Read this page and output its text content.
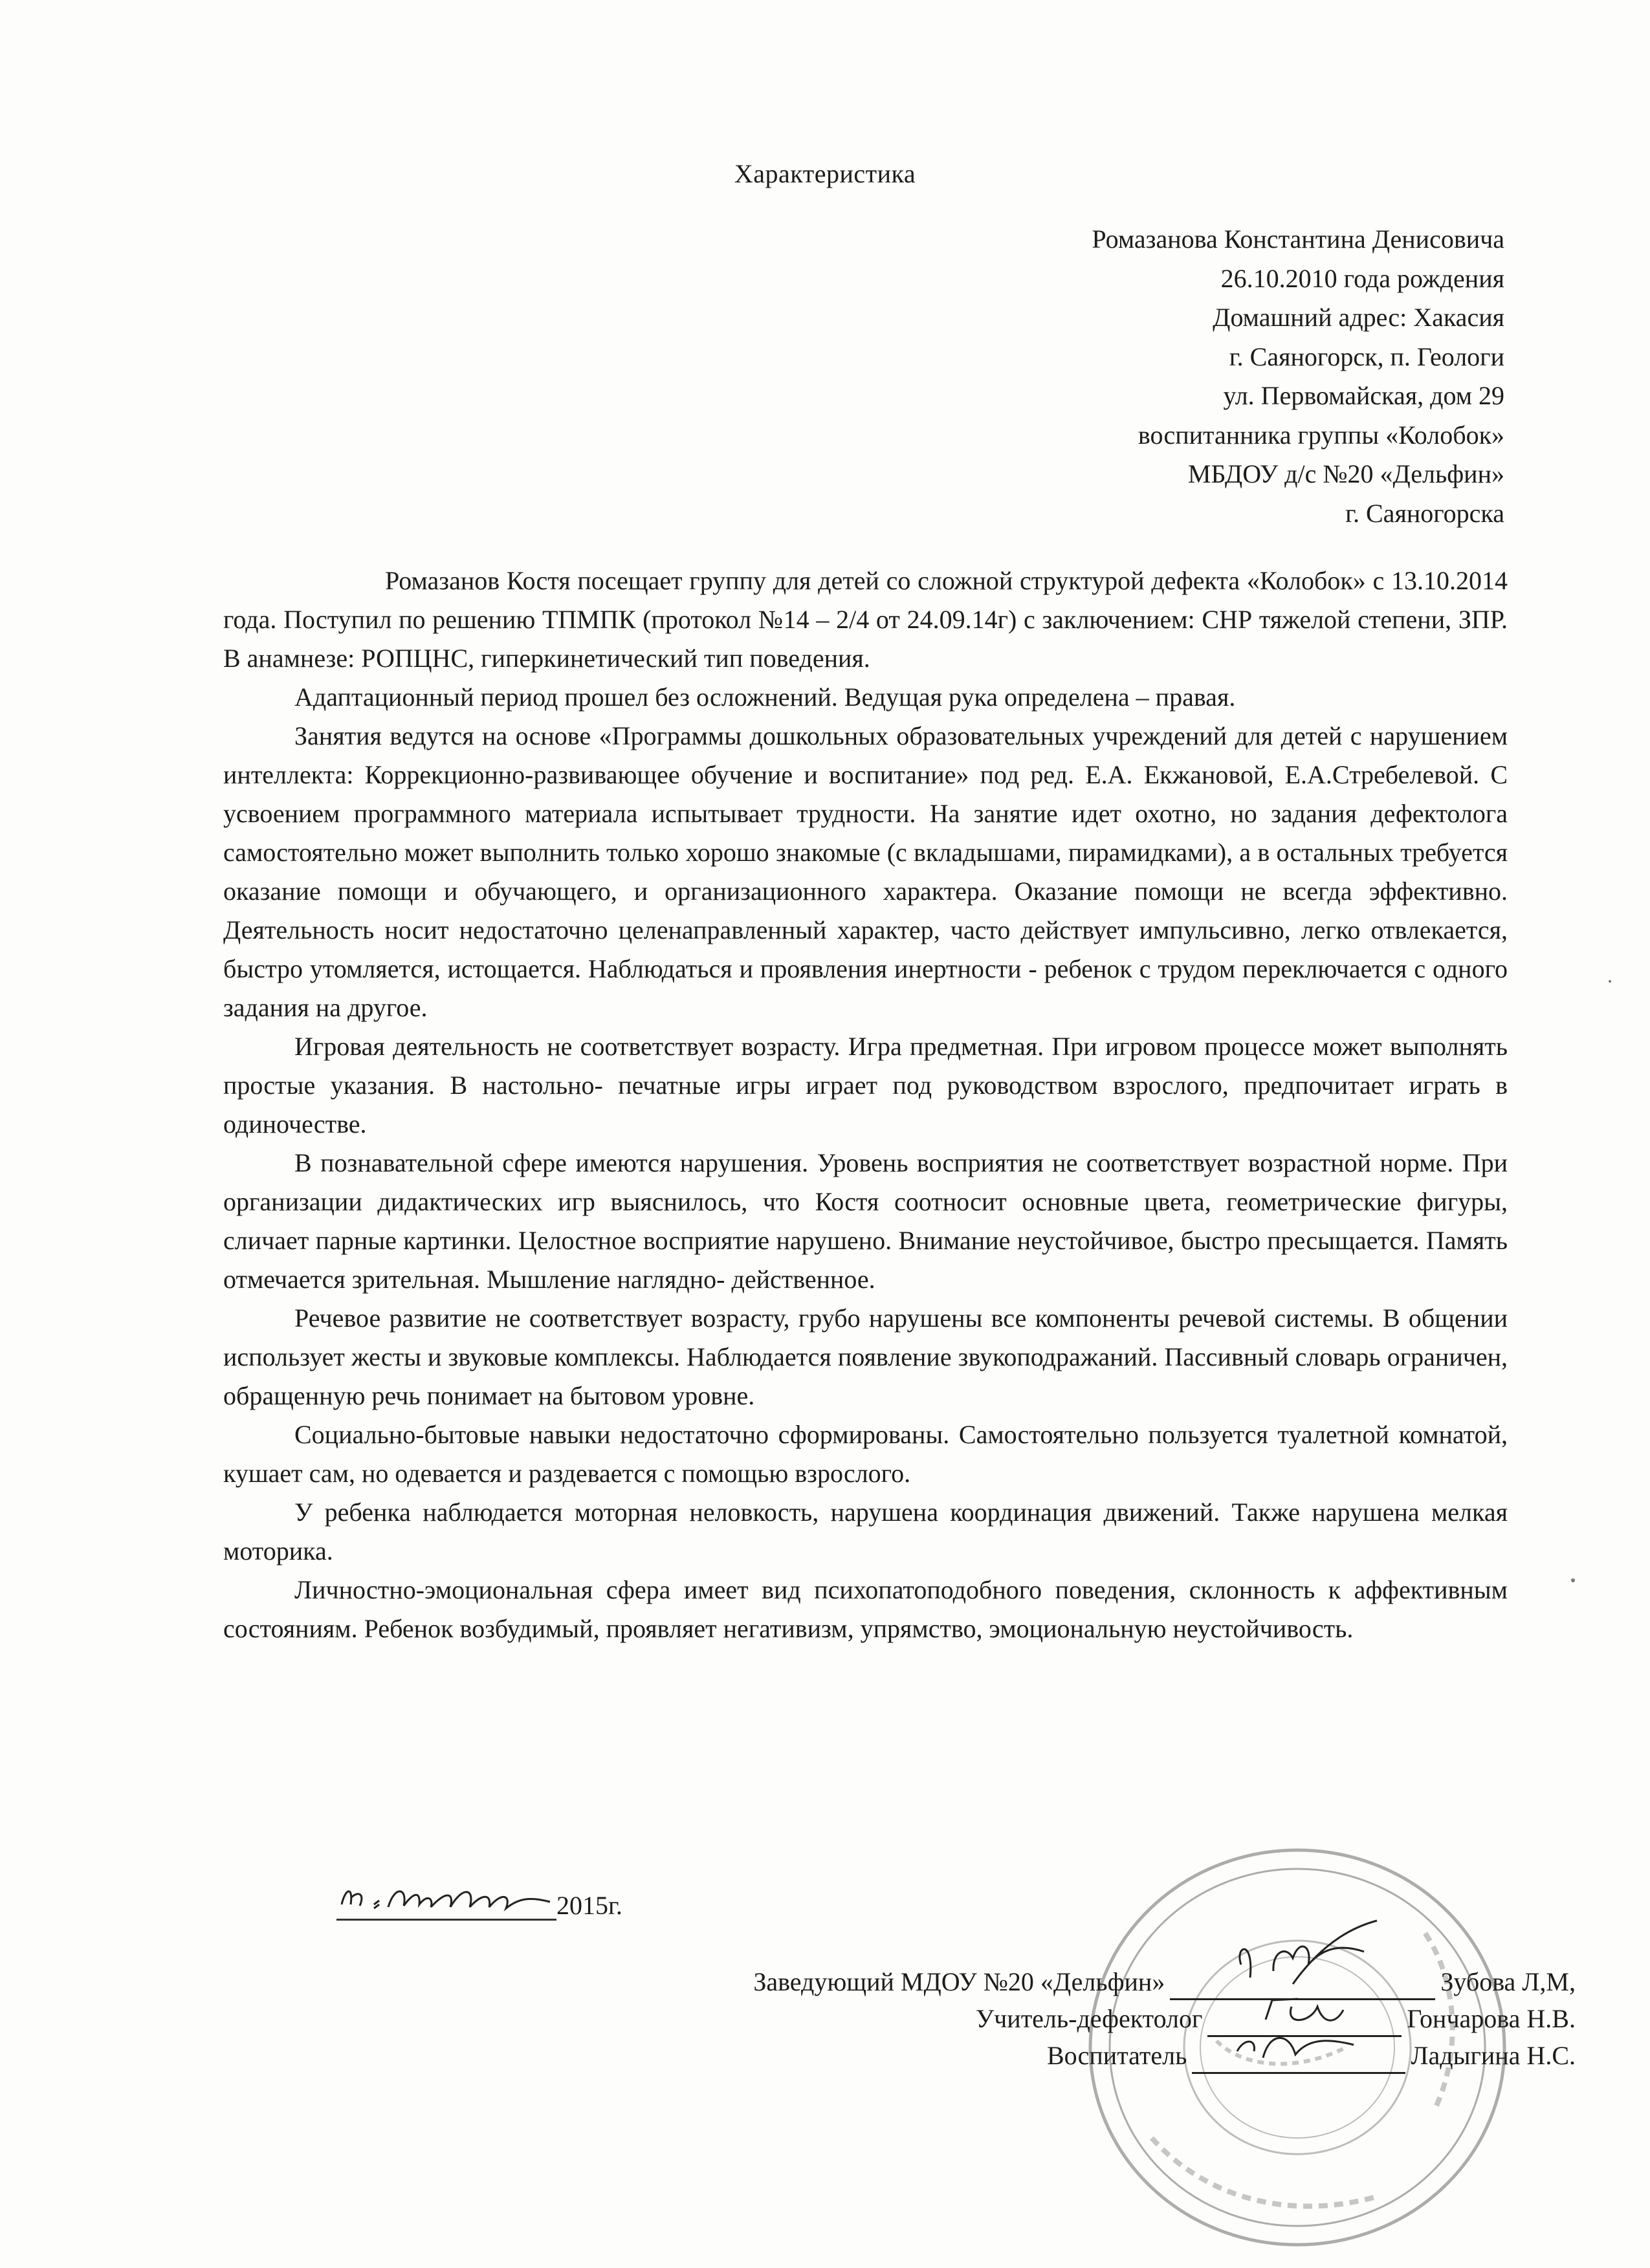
Характеристика
Ромазанова Константина Денисовича
26.10.2010 года рождения
Домашний адрес: Хакасия
г. Саяногорск, п. Геологи
ул. Первомайская, дом 29
воспитанника группы «Колобок»
МБДОУ д/с №20 «Дельфин»
г. Саяногорска

Ромазанов Костя посещает группу для детей со сложной структурой дефекта «Колобок» с 13.10.2014 года. Поступил по решению ТПМПК (протокол №14 – 2/4 от 24.09.14г) с заключением: СНР тяжелой степени, ЗПР. В анамнезе: РОПЦНС, гиперкинетический тип поведения.

Адаптационный период прошел без осложнений. Ведущая рука определена – правая.

Занятия ведутся на основе «Программы дошкольных образовательных учреждений для детей с нарушением интеллекта: Коррекционно-развивающее обучение и воспитание» под ред. Е.А. Екжановой, Е.А.Стребелевой. С усвоением программного материала испытывает трудности. На занятие идет охотно, но задания дефектолога самостоятельно может выполнить только хорошо знакомые (с вкладышами, пирамидками), а в остальных требуется оказание помощи и обучающего, и организационного характера. Оказание помощи не всегда эффективно. Деятельность носит недостаточно целенаправленный характер, часто действует импульсивно, легко отвлекается, быстро утомляется, истощается. Наблюдаться и проявления инертности - ребенок с трудом переключается с одного задания на другое.

Игровая деятельность не соответствует возрасту. Игра предметная. При игровом процессе может выполнять простые указания. В настольно- печатные игры играет под руководством взрослого, предпочитает играть в одиночестве.

В познавательной сфере имеются нарушения. Уровень восприятия не соответствует возрастной норме. При организации дидактических игр выяснилось, что Костя соотносит основные цвета, геометрические фигуры, сличает парные картинки. Целостное восприятие нарушено. Внимание неустойчивое, быстро пресыщается. Память отмечается зрительная. Мышление наглядно- действенное.

Речевое развитие не соответствует возрасту, грубо нарушены все компоненты речевой системы. В общении использует жесты и звуковые комплексы. Наблюдается появление звукоподражаний. Пассивный словарь ограничен, обращенную речь понимает на бытовом уровне.

Социально-бытовые навыки недостаточно сформированы. Самостоятельно пользуется туалетной комнатой, кушает сам, но одевается и раздевается с помощью взрослого.

У ребенка наблюдается моторная неловкость, нарушена координация движений. Также нарушена мелкая моторика.

Личностно-эмоциональная сфера имеет вид психопатоподобного поведения, склонность к аффективным состояниям. Ребенок возбудимый, проявляет негативизм, упрямство, эмоциональную неустойчивость.

2015г.
Заведующий МДОУ №20 «Дельфин»	Зубова Л,М,
Учитель-дефектолог	Гончарова Н.В.
Воспитатель	Ладыгина Н.С.
